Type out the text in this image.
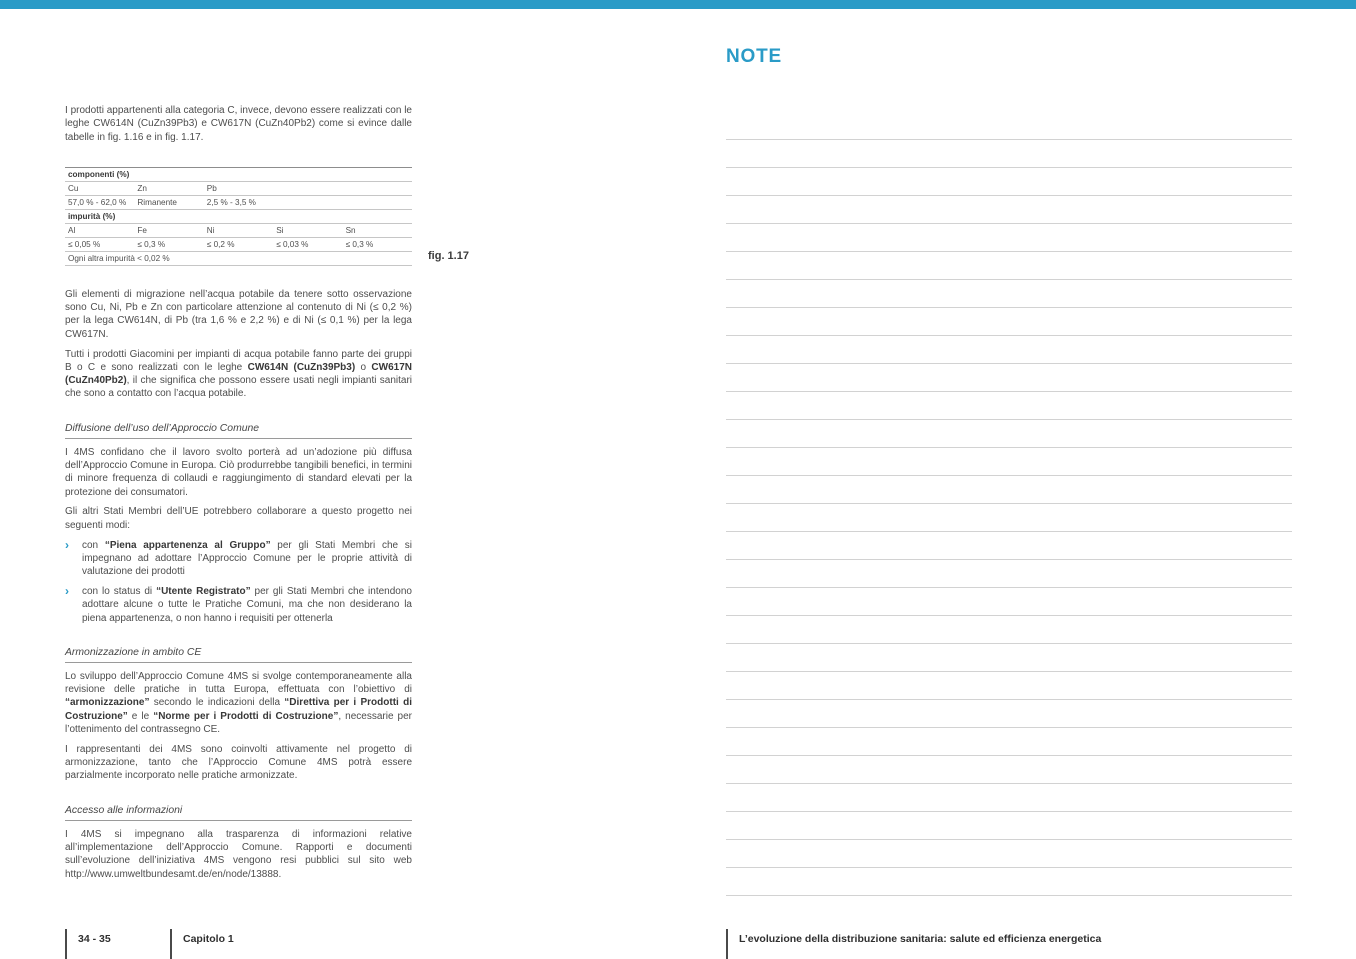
I prodotti appartenenti alla categoria C, invece, devono essere realizzati con le leghe CW614N (CuZn39Pb3) e CW617N (CuZn40Pb2) come si evince dalle tabelle in fig. 1.16 e in fig. 1.17.

componenti (%)
Cu	Zn	Pb
57,0 % - 62,0 %	Rimanente	2,5 % - 3,5 %
impurità (%)
Al	Fe	Ni	Si	Sn
≤ 0,05 %	≤ 0,3 %	≤ 0,2 %	≤ 0,03 %	≤ 0,3 %
Ogni altra impurità < 0,02 %

Gli elementi di migrazione nell’acqua potabile da tenere sotto osservazione sono Cu, Ni, Pb e Zn con particolare attenzione al contenuto di Ni (≤ 0,2 %) per la lega CW614N, di Pb (tra 1,6 % e 2,2 %) e di Ni (≤ 0,1 %) per la lega CW617N.

Tutti i prodotti Giacomini per impianti di acqua potabile fanno parte dei gruppi B o C e sono realizzati con le leghe CW614N (CuZn39Pb3) o CW617N (CuZn40Pb2), il che significa che possono essere usati negli impianti sanitari che sono a contatto con l’acqua potabile.

Diffusione dell’uso dell’Approccio Comune

I 4MS confidano che il lavoro svolto porterà ad un’adozione più diffusa dell’Approccio Comune in Europa. Ciò produrrebbe tangibili benefici, in termini di minore frequenza di collaudi e raggiungimento di standard elevati per la protezione dei consumatori.

Gli altri Stati Membri dell’UE potrebbero collaborare a questo progetto nei seguenti modi:

›	con “Piena appartenenza al Gruppo” per gli Stati Membri che si impegnano ad adottare l’Approccio Comune per le proprie attività di valutazione dei prodotti

›	con lo status di “Utente Registrato” per gli Stati Membri che intendono adottare alcune o tutte le Pratiche Comuni, ma che non desiderano la piena appartenenza, o non hanno i requisiti per ottenerla

Armonizzazione in ambito CE

Lo sviluppo dell’Approccio Comune 4MS si svolge contemporaneamente alla revisione delle pratiche in tutta Europa, effettuata con l’obiettivo di “armonizzazione” secondo le indicazioni della “Direttiva per i Prodotti di Costruzione” e le “Norme per i Prodotti di Costruzione”, necessarie per l’ottenimento del contrassegno CE.

I rappresentanti dei 4MS sono coinvolti attivamente nel progetto di armonizzazione, tanto che l’Approccio Comune 4MS potrà essere parzialmente incorporato nelle pratiche armonizzate.

Accesso alle informazioni

I 4MS si impegnano alla trasparenza di informazioni relative all’implementazione dell’Approccio Comune. Rapporti e documenti sull’evoluzione dell’iniziativa 4MS vengono resi pubblici sul sito web http://www.umweltbundesamt.de/en/node/13888.

fig. 1.17
NOTE
34 - 35	Capitolo 1	L’evoluzione della distribuzione sanitaria: salute ed efficienza energetica
